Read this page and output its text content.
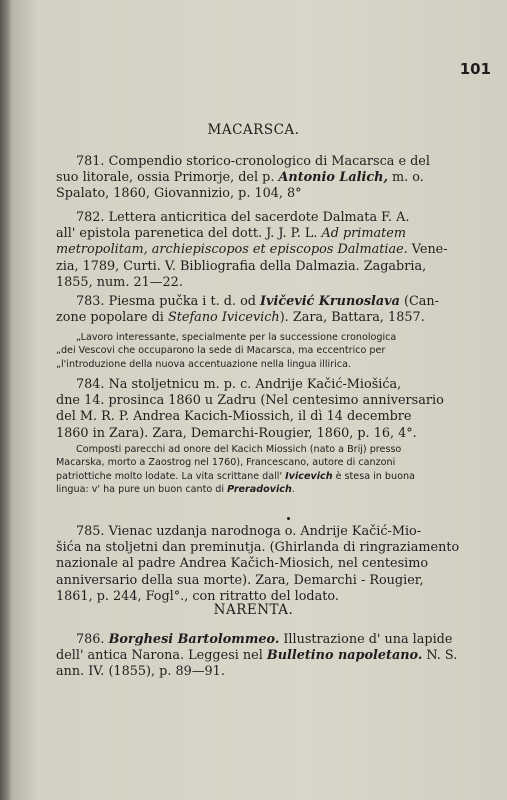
101
MACARSCA.
781. Compendio storico-cronologico di Macarsca e del
suo litorale, ossia Primorje, del p. Antonio Lalich, m. o.
Spalato, 1860, Giovannizio, p. 104, 8°
782. Lettera anticritica del sacerdote Dalmata F. A.
all' epistola parenetica del dott. J. J. P. L. Ad primatem
metropolitam, archiepiscopos et episcopos Dalmatiae. Vene-
zia, 1789, Curti. V. Bibliografia della Dalmazia. Zagabria,
1855, num. 21—22.
783. Piesma pučka i t. d. od Ivičević Krunoslava (Can-
zone popolare di Stefano Ivicevich). Zara, Battara, 1857.
„Lavoro interessante, specialmente per la successione cronologica
„dei Vescovi che occuparono la sede di Macarsca, ma eccentrico per
„l'introduzione della nuova accentuazione nella lingua illirica.
784. Na stoljetnicu m. p. c. Andrije Kačić-Miošića,
dne 14. prosinca 1860 u Zadru (Nel centesimo anniversario
del M. R. P. Andrea Kacich-Miossich, il dì 14 decembre
1860 in Zara). Zara, Demarchi-Rougier, 1860, p. 16, 4°.
Composti parecchi ad onore del Kacich Miossich (nato a Brij) presso
Macarska, morto a Zaostrog nel 1760), Francescano, autore di canzoni
patriottiche molto lodate. La vita scrittane dall' Ivicevich è stesa in buona
lingua: v' ha pure un buon canto di Preradovich.
785. Vienac uzdanja narodnoga o. Andrije Kačić-Mio-
šića na stoljetni dan preminutja. (Ghirlanda di ringraziamento
nazionale al padre Andrea Kačich-Miosich, nel centesimo
anniversario della sua morte). Zara, Demarchi - Rougier,
1861, p. 244, Fogl°., con ritratto del lodato.
NARENTA.
786. Borghesi Bartolommeo. Illustrazione d' una lapide
dell' antica Narona. Leggesi nel Bulletino napoletano. N. S.
ann. IV. (1855), p. 89—91.
